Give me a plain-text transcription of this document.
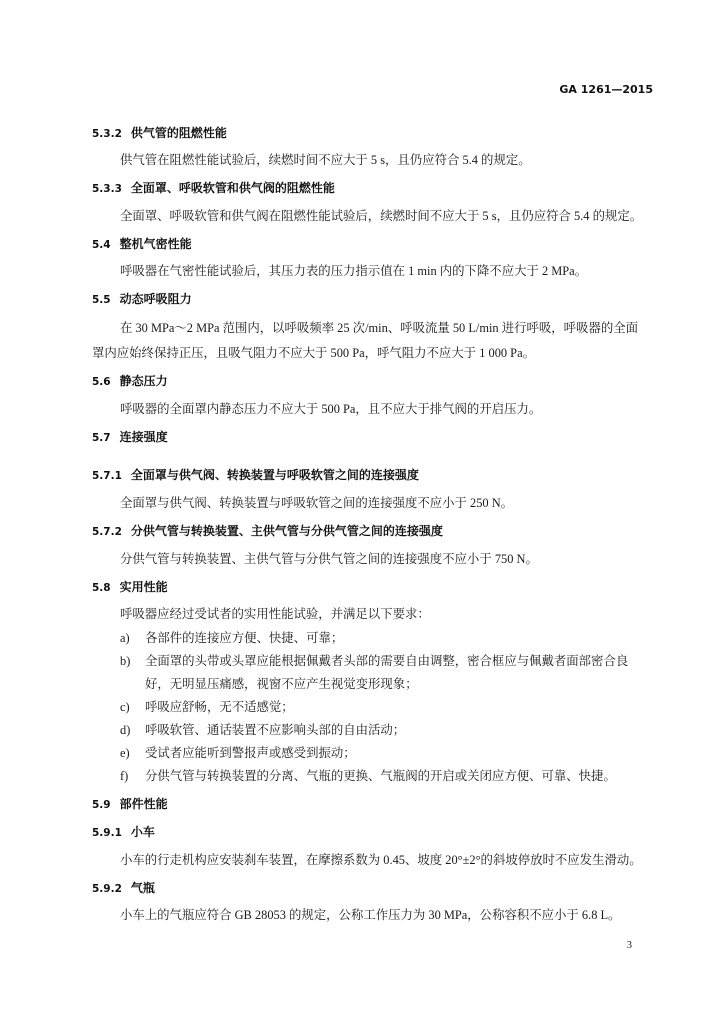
GA 1261—2015
5.3.2 供气管的阻燃性能
供气管在阻燃性能试验后，续燃时间不应大于 5 s，且仍应符合 5.4 的规定。
5.3.3 全面罩、呼吸软管和供气阀的阻燃性能
全面罩、呼吸软管和供气阀在阻燃性能试验后，续燃时间不应大于 5 s，且仍应符合 5.4 的规定。
5.4 整机气密性能
呼吸器在气密性能试验后，其压力表的压力指示值在 1 min 内的下降不应大于 2 MPa。
5.5 动态呼吸阻力
在 30 MPa～2 MPa 范围内，以呼吸频率 25 次/min、呼吸流量 50 L/min 进行呼吸，呼吸器的全面
罩内应始终保持正压，且吸气阻力不应大于 500 Pa，呼气阻力不应大于 1 000 Pa。
5.6 静态压力
呼吸器的全面罩内静态压力不应大于 500 Pa，且不应大于排气阀的开启压力。
5.7 连接强度
5.7.1 全面罩与供气阀、转换装置与呼吸软管之间的连接强度
全面罩与供气阀、转换装置与呼吸软管之间的连接强度不应小于 250 N。
5.7.2 分供气管与转换装置、主供气管与分供气管之间的连接强度
分供气管与转换装置、主供气管与分供气管之间的连接强度不应小于 750 N。
5.8 实用性能
呼吸器应经过受试者的实用性能试验，并满足以下要求：
a) 各部件的连接应方便、快捷、可靠；
b) 全面罩的头带或头罩应能根据佩戴者头部的需要自由调整，密合框应与佩戴者面部密合良
好，无明显压痛感，视窗不应产生视觉变形现象；
c) 呼吸应舒畅，无不适感觉；
d) 呼吸软管、通话装置不应影响头部的自由活动；
e) 受试者应能听到警报声或感受到振动；
f) 分供气管与转换装置的分离、气瓶的更换、气瓶阀的开启或关闭应方便、可靠、快捷。
5.9 部件性能
5.9.1 小车
小车的行走机构应安装刹车装置，在摩擦系数为 0.45、坡度 20°±2°的斜坡停放时不应发生滑动。
5.9.2 气瓶
小车上的气瓶应符合 GB 28053 的规定，公称工作压力为 30 MPa，公称容积不应小于 6.8 L。
3
